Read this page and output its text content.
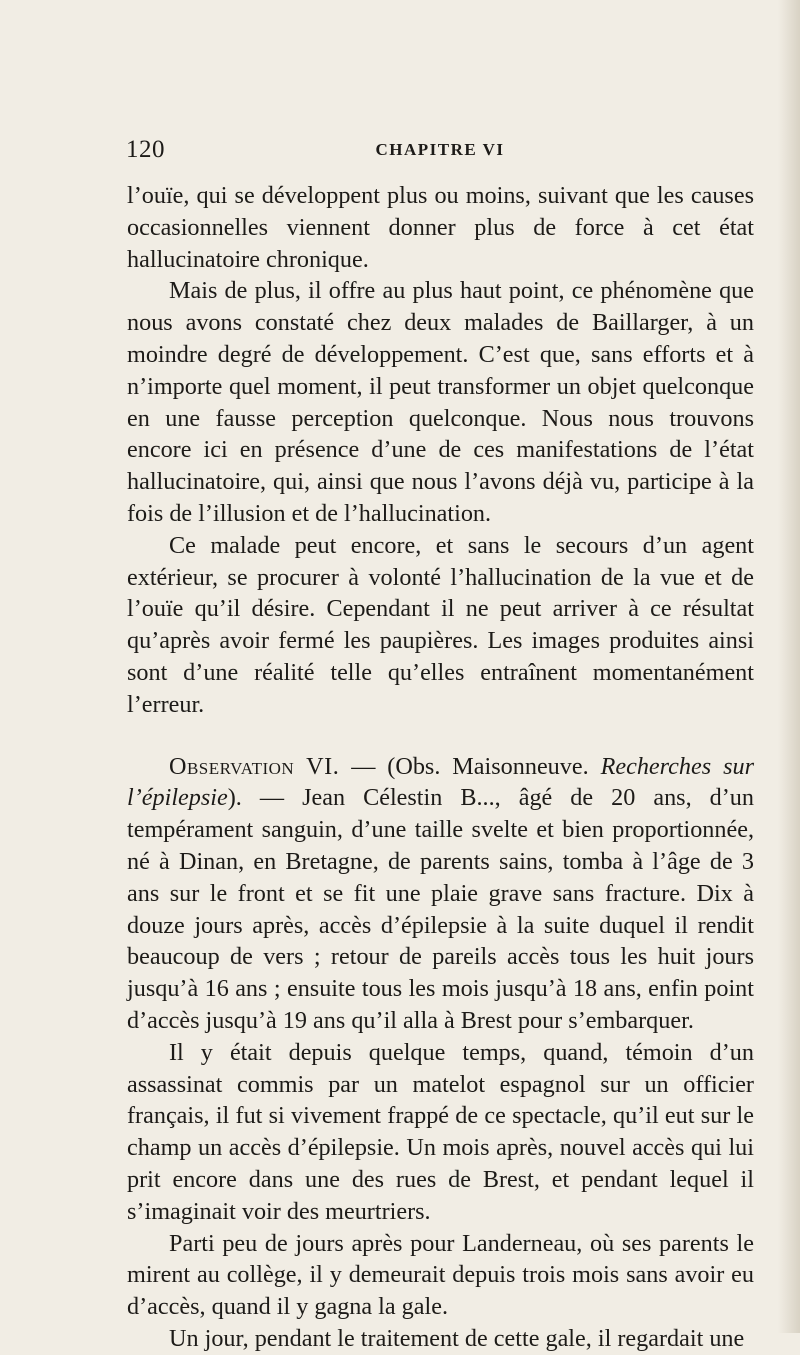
120	CHAPITRE VI

l’ouïe, qui se développent plus ou moins, suivant que les causes occasionnelles viennent donner plus de force à cet état hallucinatoire chronique.

Mais de plus, il offre au plus haut point, ce phénomène que nous avons constaté chez deux malades de Baillarger, à un moindre degré de développement. C’est que, sans efforts et à n’importe quel moment, il peut transformer un objet quelconque en une fausse perception quelconque. Nous nous trouvons encore ici en présence d’une de ces manifestations de l’état hallucinatoire, qui, ainsi que nous l’avons déjà vu, participe à la fois de l’illusion et de l’hallucination.

Ce malade peut encore, et sans le secours d’un agent extérieur, se procurer à volonté l’hallucination de la vue et de l’ouïe qu’il désire. Cependant il ne peut arriver à ce résultat qu’après avoir fermé les paupières. Les images produites ainsi sont d’une réalité telle qu’elles entraînent momentanément l’erreur.

Observation VI. — (Obs. Maisonneuve. Recherches sur l’épilepsie). — Jean Célestin B..., âgé de 20 ans, d’un tempérament sanguin, d’une taille svelte et bien proportionnée, né à Dinan, en Bretagne, de parents sains, tomba à l’âge de 3 ans sur le front et se fit une plaie grave sans fracture. Dix à douze jours après, accès d’épilepsie à la suite duquel il rendit beaucoup de vers ; retour de pareils accès tous les huit jours jusqu’à 16 ans ; ensuite tous les mois jusqu’à 18 ans, enfin point d’accès jusqu’à 19 ans qu’il alla à Brest pour s’embarquer.

Il y était depuis quelque temps, quand, témoin d’un assassinat commis par un matelot espagnol sur un officier français, il fut si vivement frappé de ce spectacle, qu’il eut sur le champ un accès d’épilepsie. Un mois après, nouvel accès qui lui prit encore dans une des rues de Brest, et pendant lequel il s’imaginait voir des meurtriers.

Parti peu de jours après pour Landerneau, où ses parents le mirent au collège, il y demeurait depuis trois mois sans avoir eu d’accès, quand il y gagna la gale.

Un jour, pendant le traitement de cette gale, il regardait une
